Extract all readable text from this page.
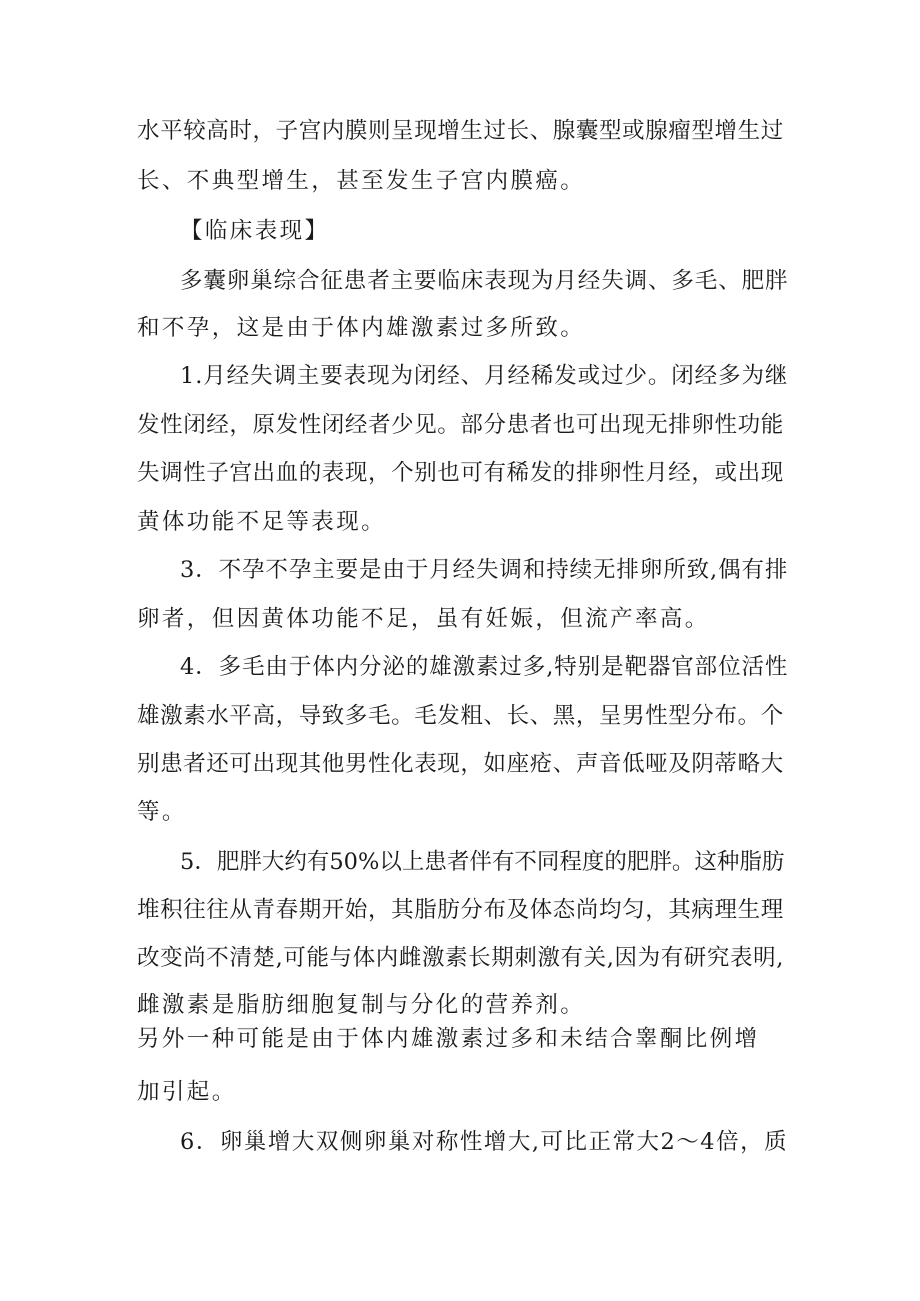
水平较高时，子宫内膜则呈现增生过长、腺囊型或腺瘤型增生过
长、不典型增生，甚至发生子宫内膜癌。
【临床表现】
多囊卵巢综合征患者主要临床表现为月经失调、多毛、肥胖
和不孕，这是由于体内雄激素过多所致。
1.月经失调主要表现为闭经、月经稀发或过少。闭经多为继
发性闭经，原发性闭经者少见。部分患者也可出现无排卵性功能
失调性子宫出血的表现，个别也可有稀发的排卵性月经，或出现
黄体功能不足等表现。
3．不孕不孕主要是由于月经失调和持续无排卵所致,偶有排
卵者，但因黄体功能不足，虽有妊娠，但流产率高。
4．多毛由于体内分泌的雄激素过多,特别是靶器官部位活性
雄激素水平高，导致多毛。毛发粗、长、黑，呈男性型分布。个
别患者还可出现其他男性化表现，如座疮、声音低哑及阴蒂略大
等。
5．肥胖大约有50%以上患者伴有不同程度的肥胖。这种脂肪
堆积往往从青春期开始，其脂肪分布及体态尚均匀，其病理生理
改变尚不清楚,可能与体内雌激素长期刺激有关,因为有研究表明,
雌激素是脂肪细胞复制与分化的营养剂。
另外一种可能是由于体内雄激素过多和未结合睾酮比例增
加引起。
6．卵巢增大双侧卵巢对称性增大,可比正常大2～4倍，质
